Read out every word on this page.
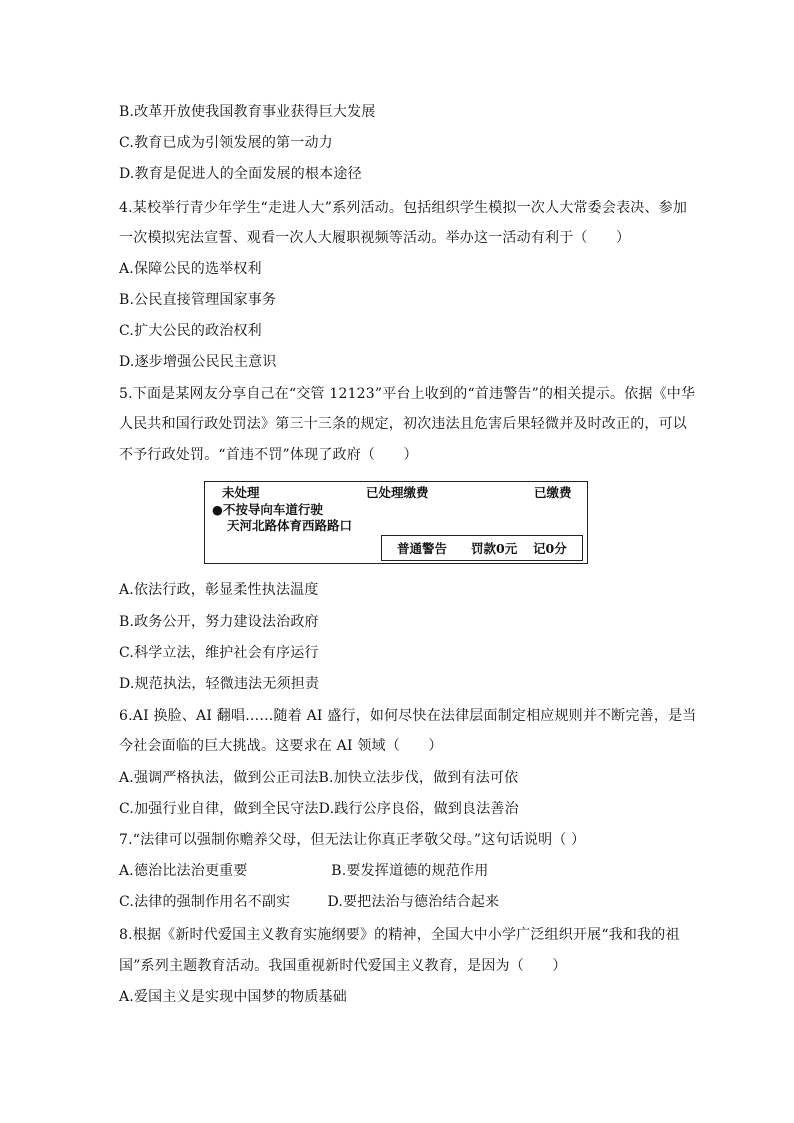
B.改革开放使我国教育事业获得巨大发展
C.教育已成为引领发展的第一动力
D.教育是促进人的全面发展的根本途径
4.某校举行青少年学生“走进人大”系列活动。包括组织学生模拟一次人大常委会表决、参加
一次模拟宪法宣誓、观看一次人大履职视频等活动。举办这一活动有利于（　　）
A.保障公民的选举权利
B.公民直接管理国家事务
C.扩大公民的政治权利
D.逐步增强公民民主意识
5.下面是某网友分享自己在“交管 12123”平台上收到的“首违警告”的相关提示。依据《中华
人民共和国行政处罚法》第三十三条的规定，初次违法且危害后果轻微并及时改正的，可以
不予行政处罚。“首违不罚”体现了政府（　　）
未处理	已处理缴费	已缴费
●不按导向车道行驶
天河北路体育西路路口
普通警告 罚款0元 记0分
A.依法行政，彰显柔性执法温度
B.政务公开，努力建设法治政府
C.科学立法，维护社会有序运行
D.规范执法，轻微违法无须担责
6.AI 换脸、AI 翻唱……随着 AI 盛行，如何尽快在法律层面制定相应规则并不断完善，是当
今社会面临的巨大挑战。这要求在 AI 领域（　　）
A.强调严格执法，做到公正司法B.加快立法步伐，做到有法可依
C.加强行业自律，做到全民守法D.践行公序良俗，做到良法善治
7.“法律可以强制你赡养父母，但无法让你真正孝敬父母。”这句话说明（ ）
A.德治比法治更重要                  B.要发挥道德的规范作用
C.法律的强制作用名不副实        D.要把法治与德治结合起来
8.根据《新时代爱国主义教育实施纲要》的精神，全国大中小学广泛组织开展“我和我的祖
国”系列主题教育活动。我国重视新时代爱国主义教育，是因为（　　）
A.爱国主义是实现中国梦的物质基础
